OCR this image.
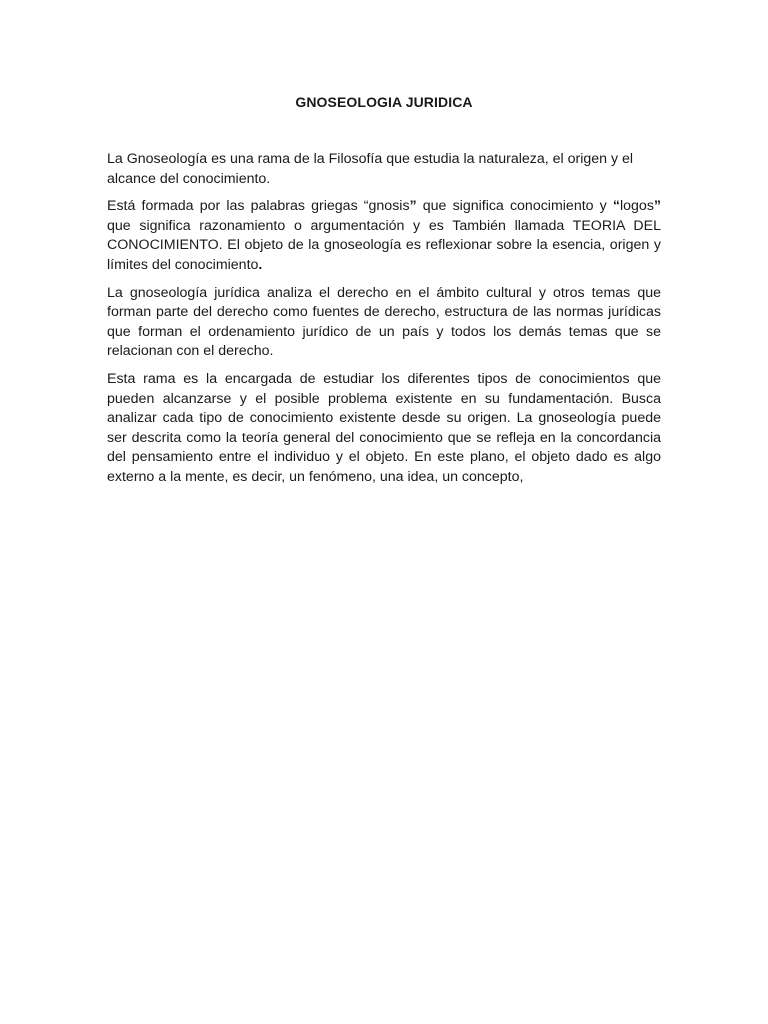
GNOSEOLOGIA JURIDICA

La Gnoseología es una rama de la Filosofía que estudia la naturaleza, el origen y el alcance del conocimiento.

Está formada por las palabras griegas “gnosis” que significa conocimiento y “logos” que significa razonamiento o argumentación y es También llamada TEORIA DEL CONOCIMIENTO. El objeto de la gnoseología es reflexionar sobre la esencia, origen y límites del conocimiento.

La gnoseología jurídica analiza el derecho en el ámbito cultural y otros temas que forman parte del derecho como fuentes de derecho, estructura de las normas jurídicas que forman el ordenamiento jurídico de un país y todos los demás temas que se relacionan con el derecho.

Esta rama es la encargada de estudiar los diferentes tipos de conocimientos que pueden alcanzarse y el posible problema existente en su fundamentación. Busca analizar cada tipo de conocimiento existente desde su origen. La gnoseología puede ser descrita como la teoría general del conocimiento que se refleja en la concordancia del pensamiento entre el individuo y el objeto. En este plano, el objeto dado es algo externo a la mente, es decir, un fenómeno, una idea, un concepto,
